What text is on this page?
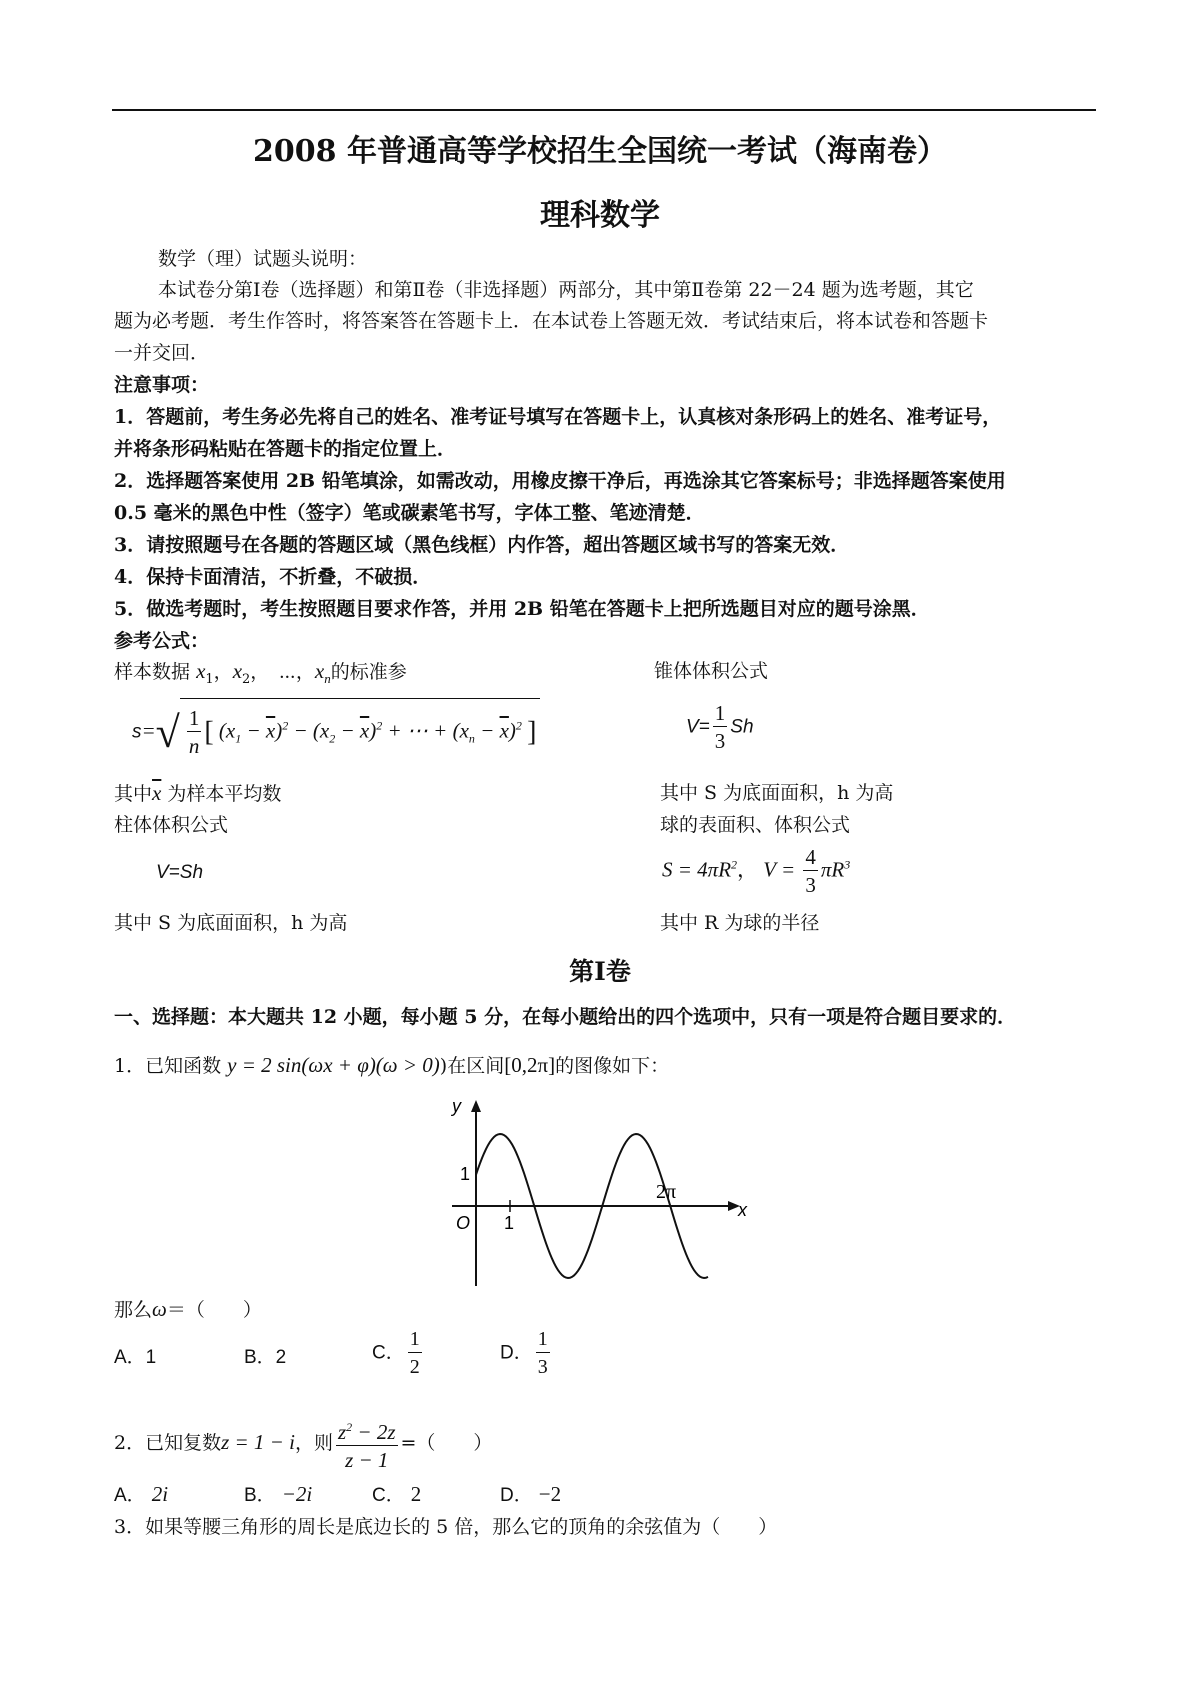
2008 年普通高等学校招生全国统一考试（海南卷）
理科数学
数学（理）试题头说明：
本试卷分第Ⅰ卷（选择题）和第Ⅱ卷（非选择题）两部分，其中第Ⅱ卷第 22－24 题为选考题，其它
题为必考题．考生作答时，将答案答在答题卡上．在本试卷上答题无效．考试结束后，将本试卷和答题卡
一并交回．
注意事项：
1．答题前，考生务必先将自己的姓名、准考证号填写在答题卡上，认真核对条形码上的姓名、准考证号，
并将条形码粘贴在答题卡的指定位置上．
2．选择题答案使用 2B 铅笔填涂，如需改动，用橡皮擦干净后，再选涂其它答案标号；非选择题答案使用
0.5 毫米的黑色中性（签字）笔或碳素笔书写，字体工整、笔迹清楚．
3．请按照题号在各题的答题区域（黑色线框）内作答，超出答题区域书写的答案无效．
4．保持卡面清洁，不折叠，不破损．
5．做选考题时，考生按照题目要求作答，并用 2B 铅笔在答题卡上把所选题目对应的题号涂黑．
参考公式：
样本数据 $x_1$，$x_2$，　⋯，$x_n$的标准参	锥体体积公式
$s=√ \frac{1}{n}$ [ $(x_1 - \overline{x})^2 - (x_2 - \overline{x})^2$ + ⋯ + $(x_n - \overline{x})^2$ ]	$V= \frac{1}{3}$ Sh
其中$\overline{x}$ 为样本平均数	其中 S 为底面面积，h 为高
柱体体积公式	球的表面积、体积公式
V=Sh	$S = 4\pi R^2$， $V = \frac{4}{3} \pi R^3$
其中 S 为底面面积，h 为高	其中 R 为球的半径
第Ⅰ卷
一、选择题：本大题共 12 小题，每小题 5 分，在每小题给出的四个选项中，只有一项是符合题目要求的．
1．已知函数 y = 2 sin(ωx + φ)(ω > 0))在区间[0,2π]的图像如下：
y
x
1
O 1
2π
那么ω＝（　　）
A．1	B．2	C． $\frac{1}{2}$	D． $\frac{1}{3}$
2．已知复数z = 1 − i，则 $\frac{z^2 - 2z}{z - 1}$ =（　　）
A． 2i	B． −2i	C． 2	D． −2
3．如果等腰三角形的周长是底边长的 5 倍，那么它的顶角的余弦值为（　　）
